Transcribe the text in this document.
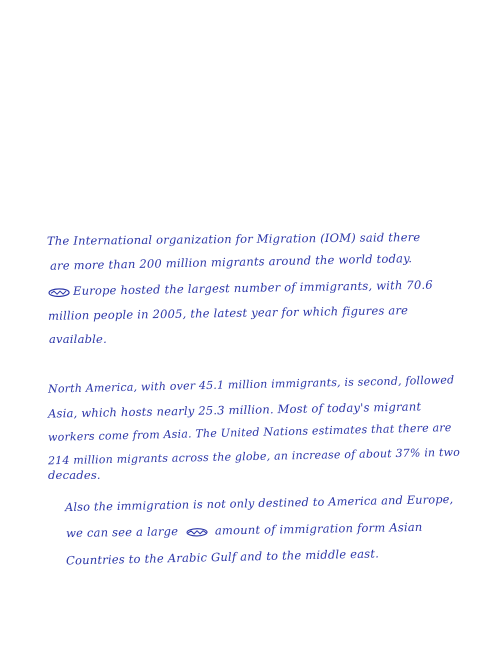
The International organization for Migration (IOM) said there
are more than 200 million migrants around the world today.
Europe hosted the largest number of immigrants, with 70.6
million people in 2005, the latest year for which figures are
available.
North America, with over 45.1 million immigrants, is second, followed
Asia, which hosts nearly 25.3 million. Most of today's migrant
workers come from Asia. The United Nations estimates that there are
214 million migrants across the globe, an increase of about 37% in two
decades.
Also the immigration is not only destined to America and Europe,
we can see a large	amount of immigration form Asian
Countries to the Arabic Gulf and to the middle east.
